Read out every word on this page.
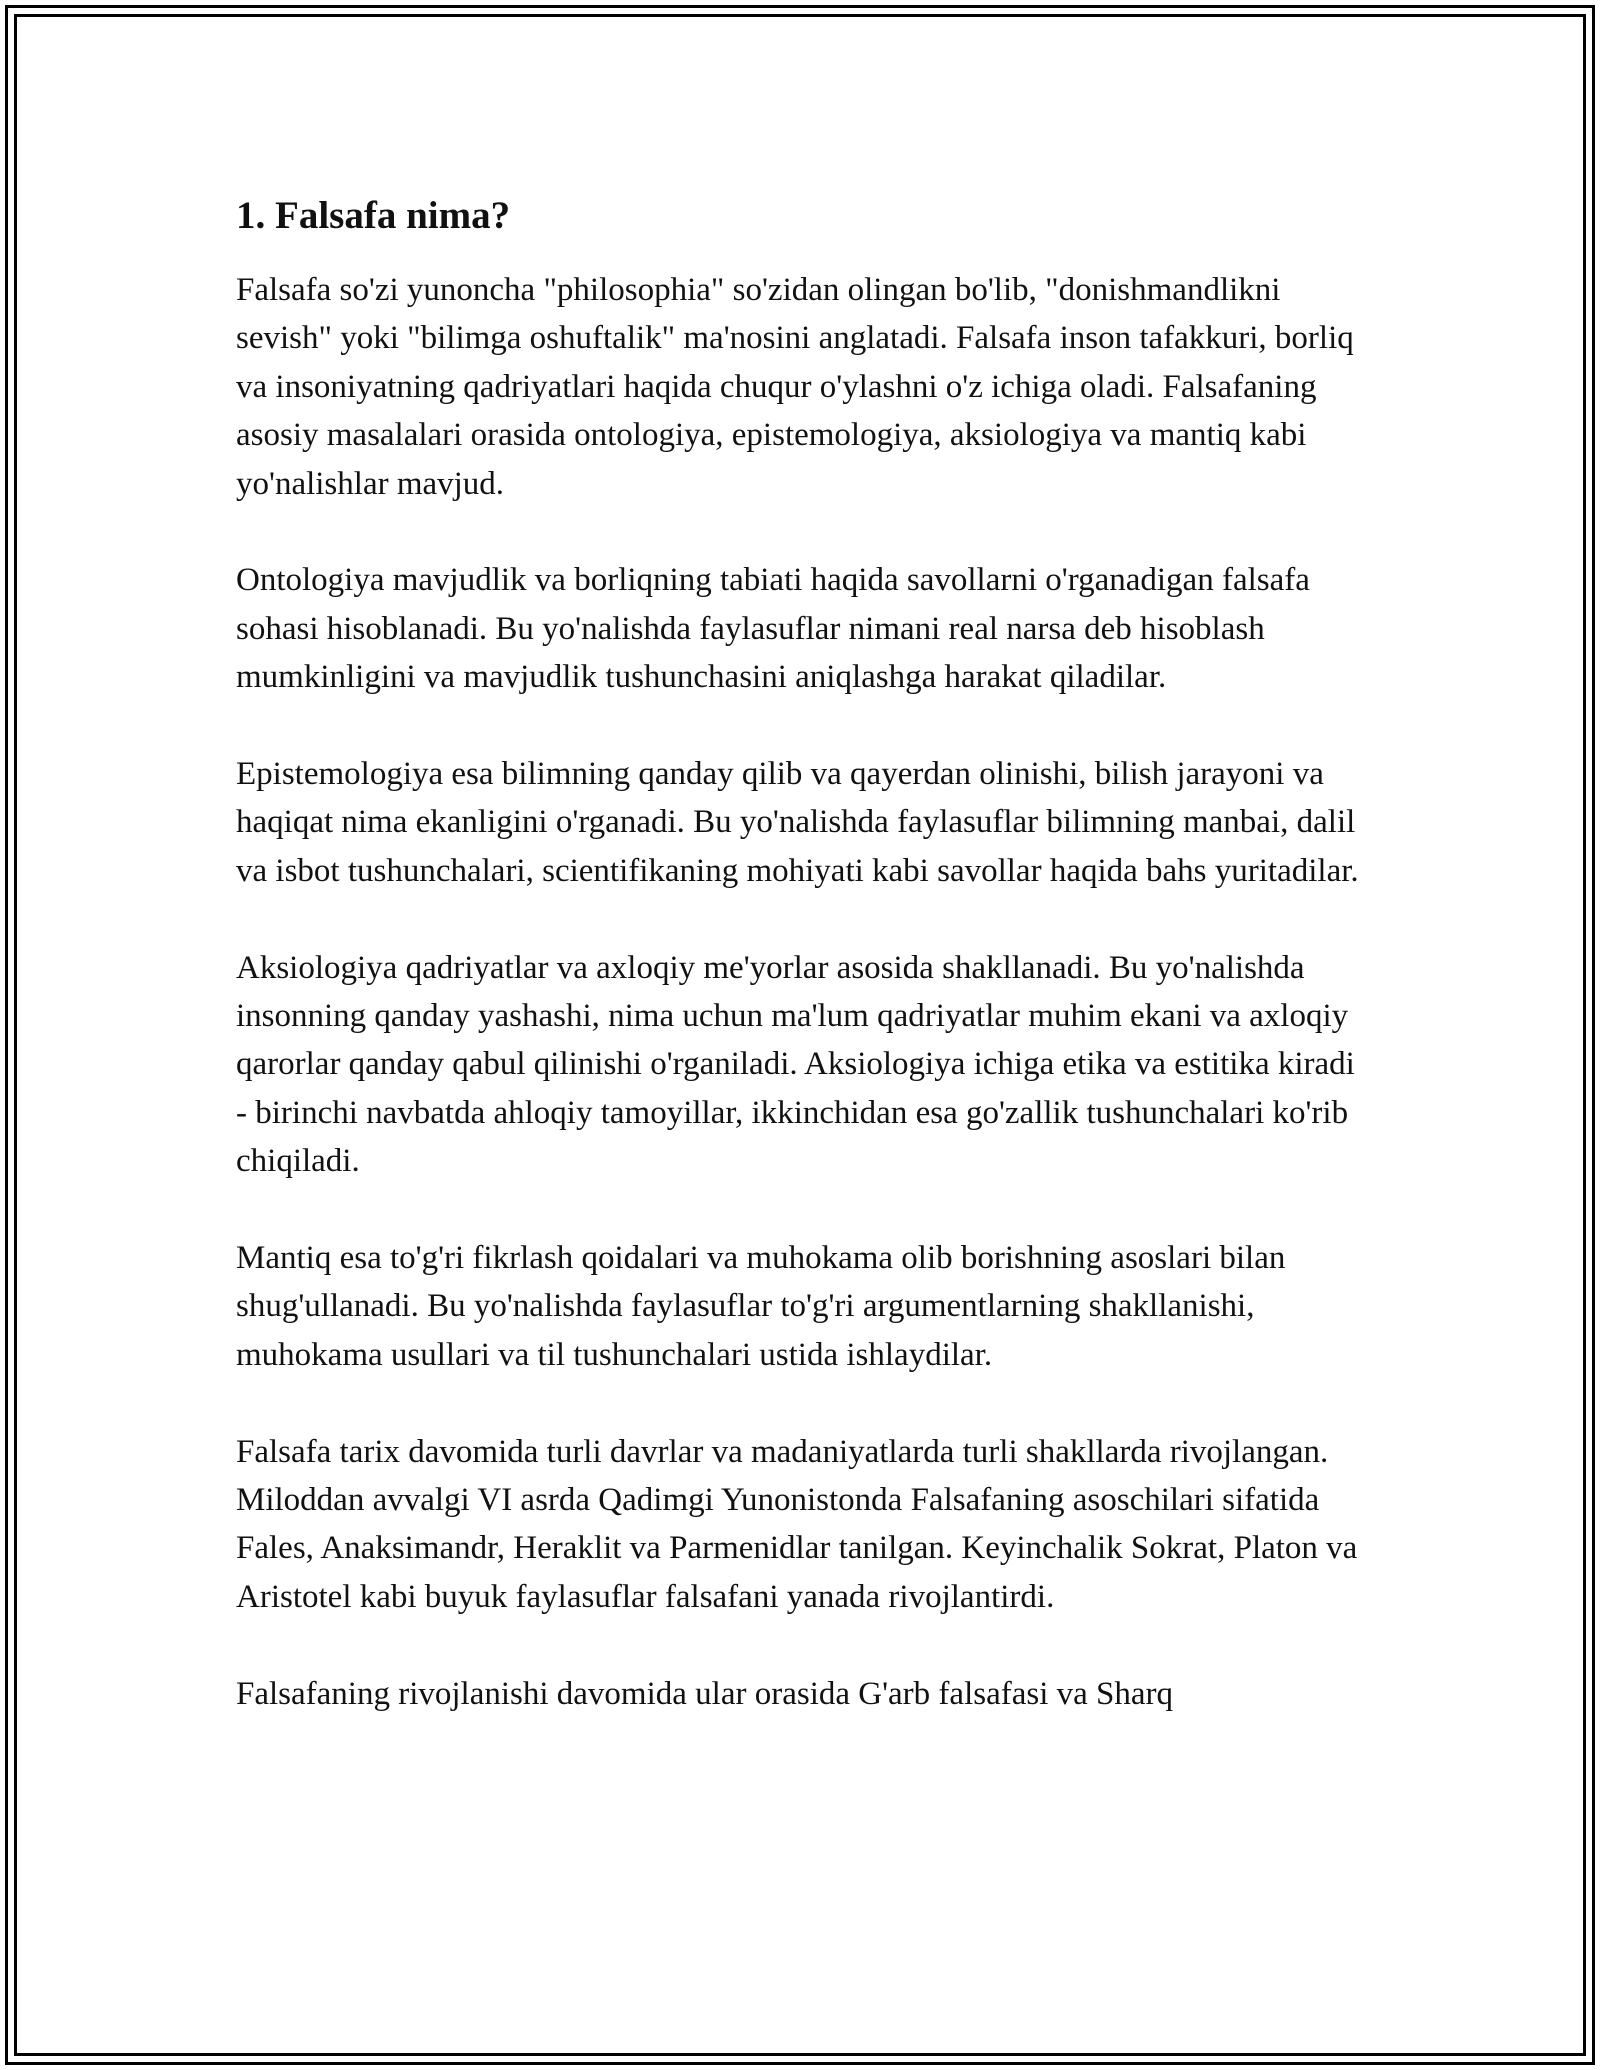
1. Falsafa nima?

Falsafa so'zi yunoncha "philosophia" so'zidan olingan bo'lib, "donishmandlikni sevish" yoki "bilimga oshuftalik" ma'nosini anglatadi. Falsafa inson tafakkuri, borliq va insoniyatning qadriyatlari haqida chuqur o'ylashni o'z ichiga oladi. Falsafaning asosiy masalalari orasida ontologiya, epistemologiya, aksiologiya va mantiq kabi yo'nalishlar mavjud.

Ontologiya mavjudlik va borliqning tabiati haqida savollarni o'rganadigan falsafa sohasi hisoblanadi. Bu yo'nalishda faylasuflar nimani real narsa deb hisoblash mumkinligini va mavjudlik tushunchasini aniqlashga harakat qiladilar.

Epistemologiya esa bilimning qanday qilib va qayerdan olinishi, bilish jarayoni va haqiqat nima ekanligini o'rganadi. Bu yo'nalishda faylasuflar bilimning manbai, dalil va isbot tushunchalari, scientifikaning mohiyati kabi savollar haqida bahs yuritadilar.

Aksiologiya qadriyatlar va axloqiy me'yorlar asosida shakllanadi. Bu yo'nalishda insonning qanday yashashi, nima uchun ma'lum qadriyatlar muhim ekani va axloqiy qarorlar qanday qabul qilinishi o'rganiladi. Aksiologiya ichiga etika va estitika kiradi - birinchi navbatda ahloqiy tamoyillar, ikkinchidan esa go'zallik tushunchalari ko'rib chiqiladi.

Mantiq esa to'g'ri fikrlash qoidalari va muhokama olib borishning asoslari bilan shug'ullanadi. Bu yo'nalishda faylasuflar to'g'ri argumentlarning shakllanishi, muhokama usullari va til tushunchalari ustida ishlaydilar.

Falsafa tarix davomida turli davrlar va madaniyatlarda turli shakllarda rivojlangan. Miloddan avvalgi VI asrda Qadimgi Yunonistonda Falsafaning asoschilari sifatida Fales, Anaksimandr, Heraklit va Parmenidlar tanilgan. Keyinchalik Sokrat, Platon va Aristotel kabi buyuk faylasuflar falsafani yanada rivojlantirdi.

Falsafaning rivojlanishi davomida ular orasida G'arb falsafasi va Sharq
